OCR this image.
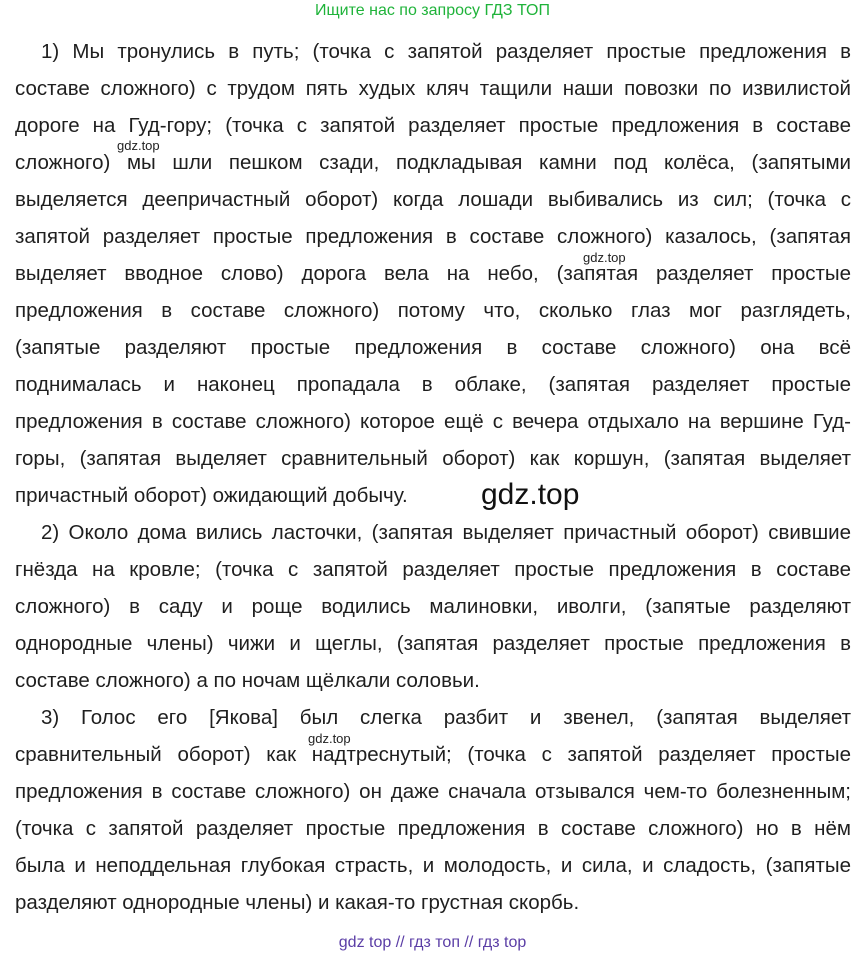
Ищите нас по запросу ГДЗ ТОП
1) Мы тронулись в путь; (точка с запятой разделяет простые предложения в
составе сложного) с трудом пять худых кляч тащили наши повозки по извилистой
дороге на Гуд-гору; (точка с запятой разделяет простые предложения в составе
сложного) мы шли пешком сзади, подкладывая камни под колёса, (запятыми
выделяется деепричастный оборот) когда лошади выбивались из сил; (точка с
запятой разделяет простые предложения в составе сложного) казалось, (запятая
выделяет вводное слово) дорога вела на небо, (запятая разделяет простые
предложения в составе сложного) потому что, сколько глаз мог разглядеть,
(запятые разделяют простые предложения в составе сложного) она всё
поднималась и наконец пропадала в облаке, (запятая разделяет простые
предложения в составе сложного) которое ещё с вечера отдыхало на вершине Гуд-
горы, (запятая выделяет сравнительный оборот) как коршун, (запятая выделяет
причастный оборот) ожидающий добычу.
2) Около дома вились ласточки, (запятая выделяет причастный оборот) свившие
гнёзда на кровле; (точка с запятой разделяет простые предложения в составе
сложного) в саду и роще водились малиновки, иволги, (запятые разделяют
однородные члены) чижи и щеглы, (запятая разделяет простые предложения в
составе сложного) а по ночам щёлкали соловьи.
3) Голос его [Якова] был слегка разбит и звенел, (запятая выделяет
сравнительный оборот) как надтреснутый; (точка с запятой разделяет простые
предложения в составе сложного) он даже сначала отзывался чем-то болезненным;
(точка с запятой разделяет простые предложения в составе сложного) но в нём
была и неподдельная глубокая страсть, и молодость, и сила, и сладость, (запятые
разделяют однородные члены) и какая-то грустная скорбь.
gdz.top
gdz.top
gdz.top
gdz.top
gdz top // гдз топ // гдз top
